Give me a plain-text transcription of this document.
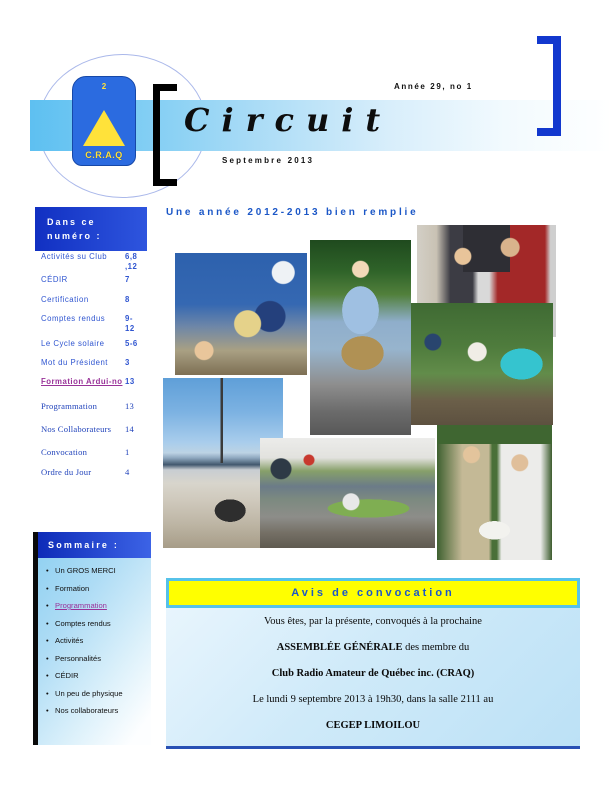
2
C.R.A.Q
Année 29, no 1
Circuit
Septembre 2013
Dans ce
numéro :
Activités su Club	6,8 ,12
CÉDIR	7
Certification	8
Comptes rendus	9- 12
Le Cycle solaire	5-6
Mot du Président	3
Formation Ardui-no 13
Programmation	13
Nos Collaborateurs	14
Convocation	1
Ordre du Jour	4
Une année 2012-2013 bien remplie
Sommaire :
•
Un GROS MERCI
•
Formation
•
Programmation
•
Comptes rendus
•
Activités
•
Personnalités
•
CÉDIR
•
Un peu de physique
•
Nos collaborateurs
Avis de convocation

Vous êtes, par la présente, convoqués à la prochaine

ASSEMBLÉE GÉNÉRALE des membre du

Club Radio Amateur de Québec inc. (CRAQ)

Le lundi 9 septembre 2013 à 19h30, dans la salle 2111 au

CEGEP LIMOILOU
